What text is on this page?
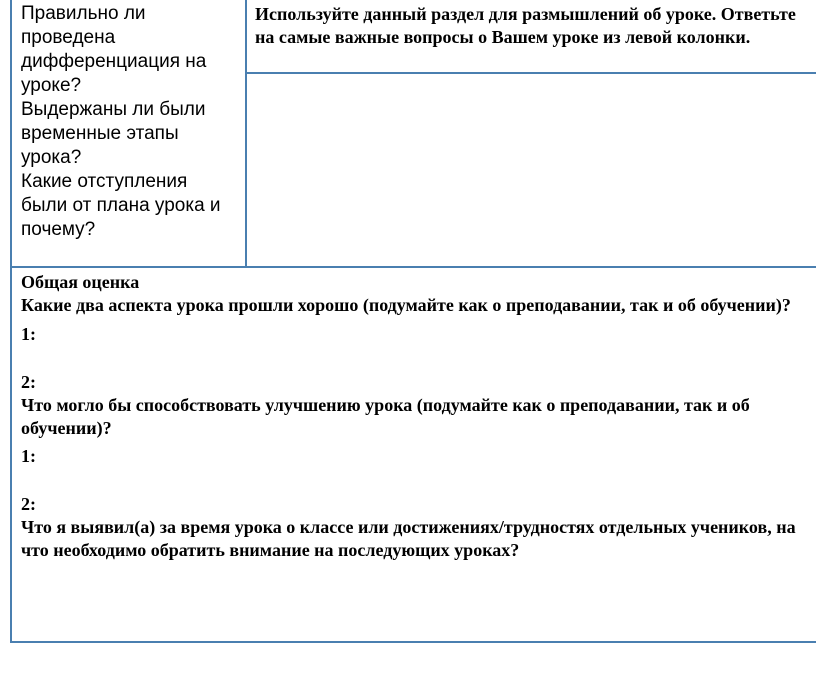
Правильно ли

проведена

дифференциация на

уроке?

Выдержаны ли были

временные этапы

урока?

Какие отступления

были от плана урока и

почему?

Используйте данный раздел для размышлений об уроке. Ответьте на самые важные вопросы о Вашем уроке из левой колонки.

Общая оценка

Какие два аспекта урока прошли хорошо (подумайте как о преподавании, так и об обучении)?

1:

2:

Что могло бы способствовать улучшению урока (подумайте как о преподавании, так и об обучении)?

1:

2:

Что я выявил(а) за время урока о классе или достижениях/трудностях отдельных учеников, на что необходимо обратить внимание на последующих уроках?
